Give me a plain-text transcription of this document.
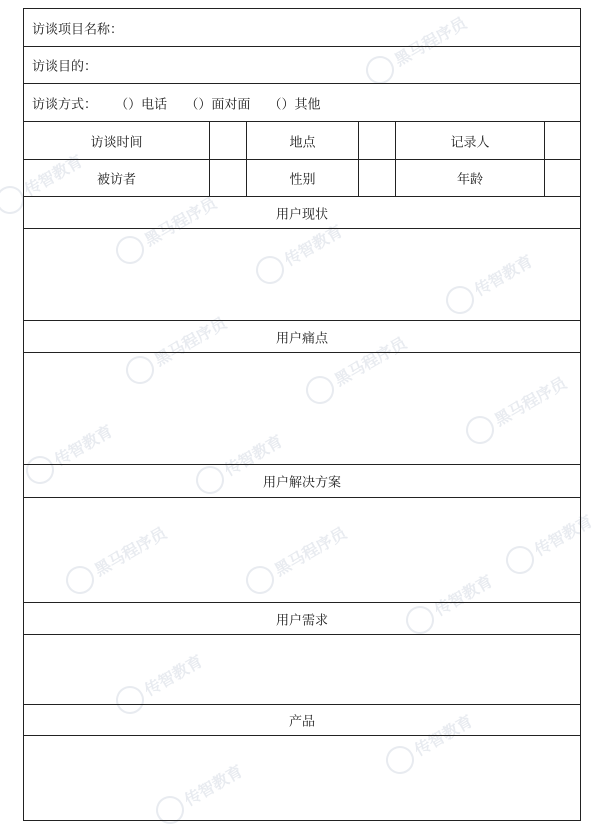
黑马程序员
传智教育
黑马程序员	传智教育
传智教育
黑马程序员	黑马程序员
传智教育	传智教育
黑马程序员
黑马程序员	黑马程序员	传智教育
传智教育
传智教育
传智教育
传智教育
访谈项目名称：
访谈目的：
访谈方式： （）电话 （）面对面 （）其他
访谈时间	地点	记录人
被访者	性别	年龄
用户现状
用户痛点
用户解决方案
用户需求
产品
